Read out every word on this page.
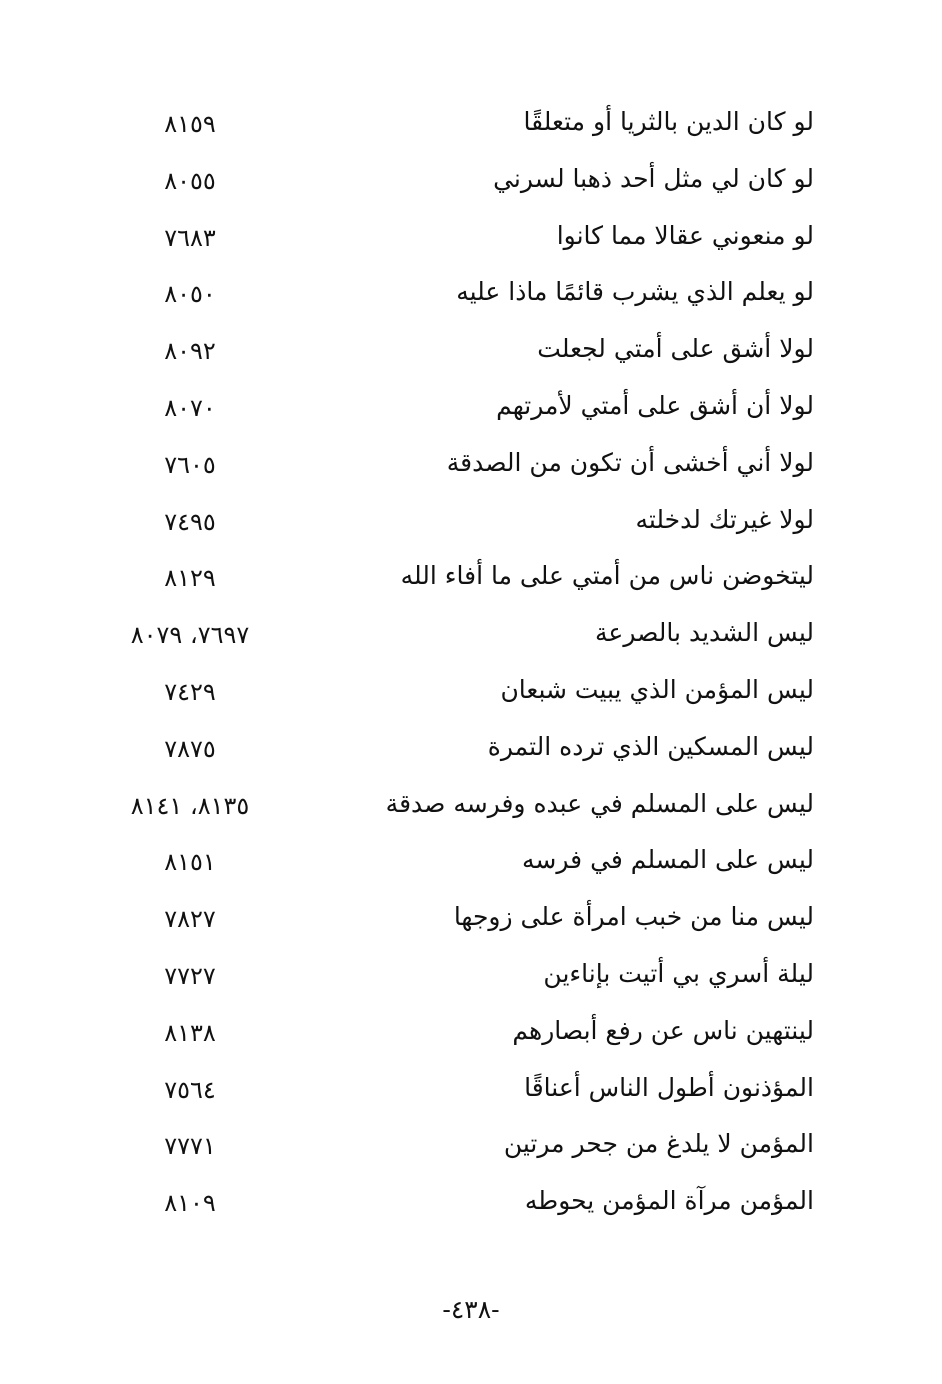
لو كان الدين بالثريا أو متعلقًا
٨١٥٩
لو كان لي مثل أحد ذهبا لسرني
٨٠٥٥
لو منعوني عقالا مما كانوا
٧٦٨٣
لو يعلم الذي يشرب قائمًا ماذا عليه
٨٠٥٠
لولا أشق على أمتي لجعلت
٨٠٩٢
لولا أن أشق على أمتي لأمرتهم
٨٠٧٠
لولا أني أخشى أن تكون من الصدقة
٧٦٠٥
لولا غيرتك لدخلته
٧٤٩٥
ليتخوضن ناس من أمتي على ما أفاء الله
٨١٢٩
ليس الشديد بالصرعة
٧٦٩٧، ٨٠٧٩
ليس المؤمن الذي يبيت شبعان
٧٤٢٩
ليس المسكين الذي ترده التمرة
٧٨٧٥
ليس على المسلم في عبده وفرسه صدقة
٨١٣٥، ٨١٤١
ليس على المسلم في فرسه
٨١٥١
ليس منا من خبب امرأة على زوجها
٧٨٢٧
ليلة أسري بي أتيت بإناءين
٧٧٢٧
لينتهين ناس عن رفع أبصارهم
٨١٣٨
المؤذنون أطول الناس أعناقًا
٧٥٦٤
المؤمن لا يلدغ من جحر مرتين
٧٧٧١
المؤمن مرآة المؤمن يحوطه
٨١٠٩
-٤٣٨-
